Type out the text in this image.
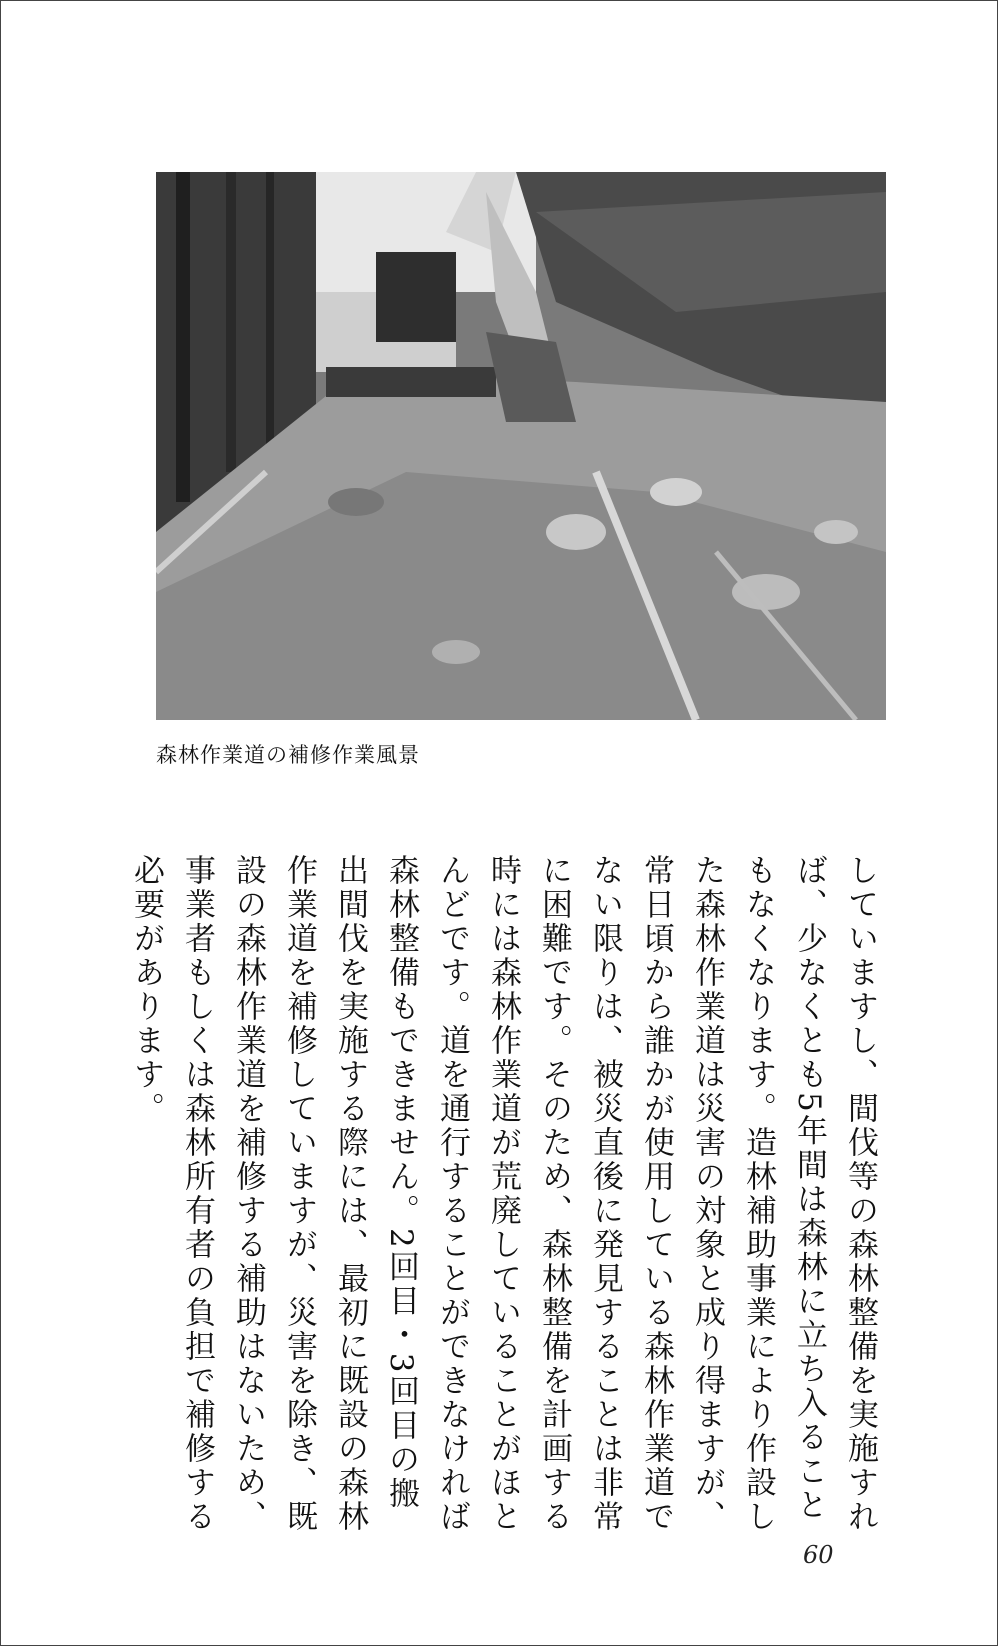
森林作業道の補修作業風景
していますし、間伐等の森林整備を実施すれ
ば、少なくとも5年間は森林に立ち入ること
もなくなります。造林補助事業により作設し
た森林作業道は災害の対象と成り得ますが、
常日頃から誰かが使用している森林作業道で
ない限りは、被災直後に発見することは非常
に困難です。そのため、森林整備を計画する
時には森林作業道が荒廃していることがほと
んどです。道を通行することができなければ
森林整備もできません。2回目・3回目の搬
出間伐を実施する際には、最初に既設の森林
作業道を補修していますが、災害を除き、既
設の森林作業道を補修する補助はないため、
事業者もしくは森林所有者の負担で補修する
必要があります。
60
